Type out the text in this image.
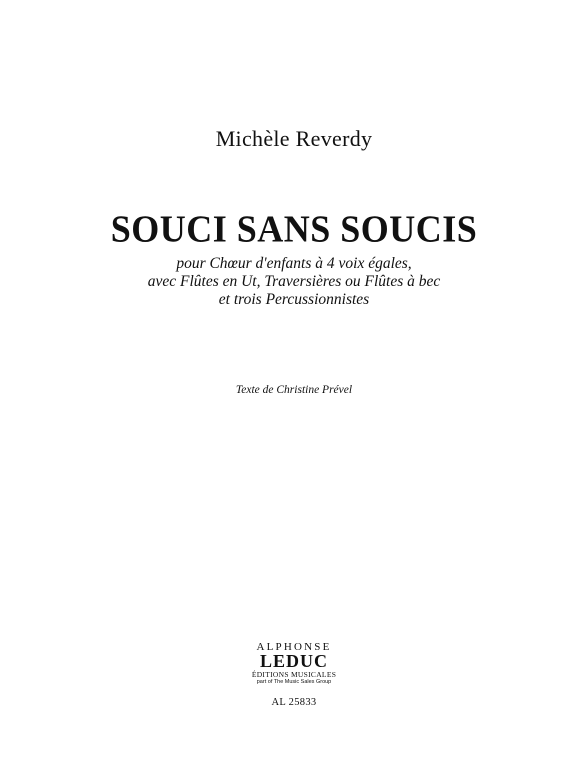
Michèle Reverdy
SOUCI SANS SOUCIS
pour Chœur d'enfants à 4 voix égales,
avec Flûtes en Ut, Traversières ou Flûtes à bec
et trois Percussionnistes
Texte de Christine Prével
ALPHONSE
LEDUC
ÉDITIONS MUSICALES
part of The Music Sales Group
AL 25833
